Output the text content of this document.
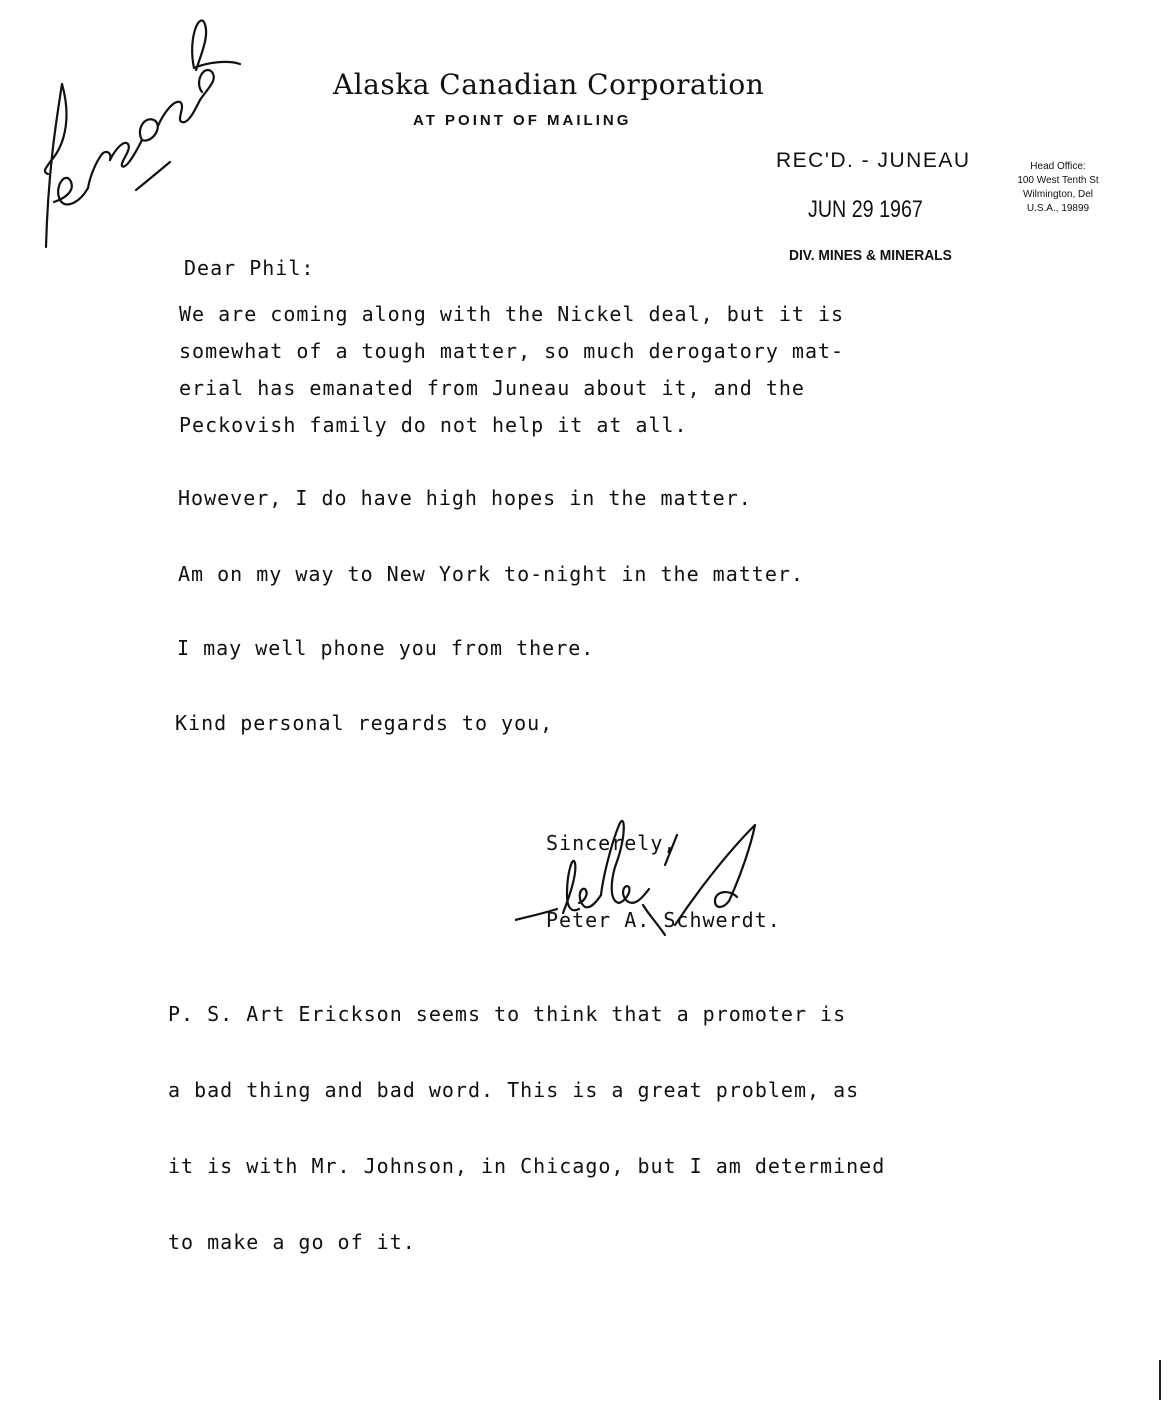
Alaska Canadian Corporation
AT POINT OF MAILING
REC'D. - JUNEAU
JUN 29 1967
DIV. MINES & MINERALS
Head Office:
100 West Tenth St
Wilmington, Del
U.S.A., 19899
Dear Phil:
We are coming along with the Nickel deal, but it is
somewhat of a tough matter, so much derogatory mat-
erial has emanated from Juneau about it, and the
Peckovish family do not help it at all.
However, I do have high hopes in the matter.
Am on my way to New York to-night in the matter.
I may well phone you from there.
Kind personal regards to you,
Sincerely,
Peter A. Schwerdt.
P. S. Art Erickson seems to think that a promoter is
a bad thing and bad word. This is a great problem, as
it is with Mr. Johnson, in Chicago, but I am determined
to make a go of it.
